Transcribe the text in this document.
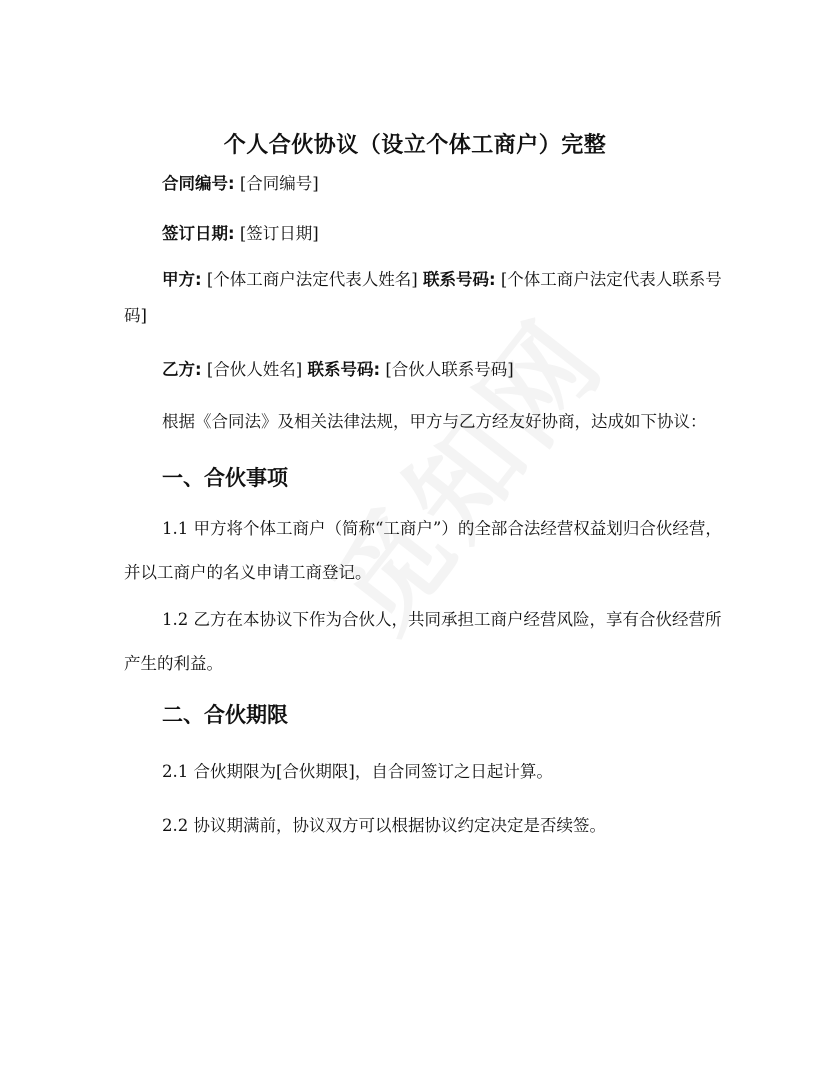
个人合伙协议（设立个体工商户）完整
合同编号: [合同编号]
签订日期: [签订日期]
甲方: [个体工商户法定代表人姓名] 联系号码: [个体工商户法定代表人联系号码]
乙方: [合伙人姓名] 联系号码: [合伙人联系号码]
根据《合同法》及相关法律法规，甲方与乙方经友好协商，达成如下协议：
一、合伙事项
1.1 甲方将个体工商户（简称“工商户”）的全部合法经营权益划归合伙经营，并以工商户的名义申请工商登记。
1.2 乙方在本协议下作为合伙人，共同承担工商户经营风险，享有合伙经营所产生的利益。
二、合伙期限
2.1 合伙期限为[合伙期限]，自合同签订之日起计算。
2.2 协议期满前，协议双方可以根据协议约定决定是否续签。
